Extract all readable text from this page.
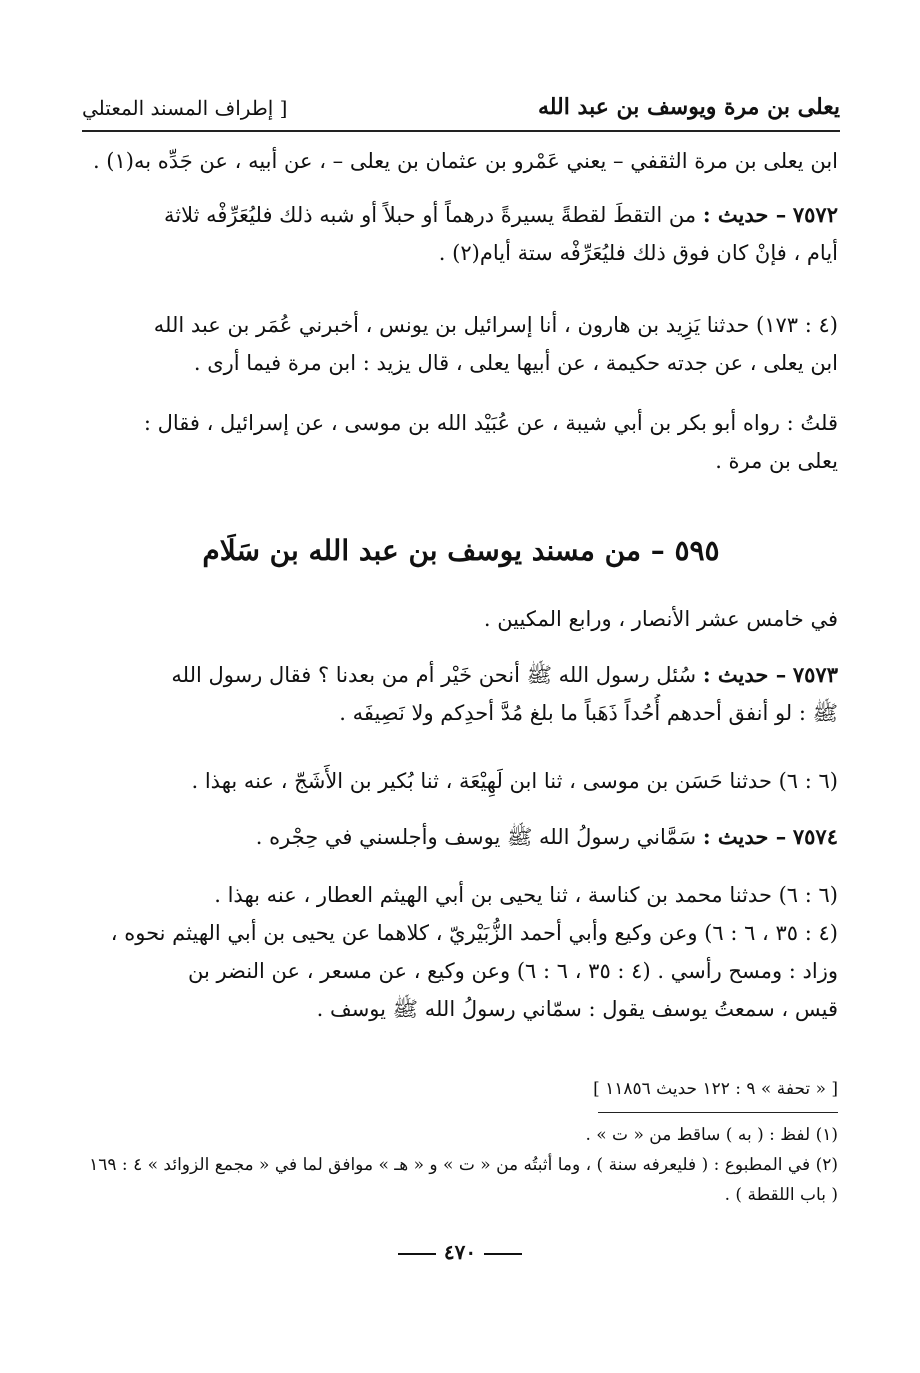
يعلى بن مرة ويوسف بن عبد الله
[ إطراف المسند المعتلي
ابن يعلى بن مرة الثقفي – يعني عَمْرو بن عثمان بن يعلى – ، عن أبيه ، عن جَدِّه به(١) .
٧٥٧٢ – حديث : من التقطَ لقطةً يسيرةً درهماً أو حبلاً أو شبه ذلك فليُعَرِّفْه ثلاثة
أيام ، فإنْ كان فوق ذلك فليُعَرِّفْه ستة أيام(٢) .
(٤ : ١٧٣) حدثنا يَزِيد بن هارون ، أنا إسرائيل بن يونس ، أخبرني عُمَر بن عبد الله
ابن يعلى ، عن جدته حكيمة ، عن أبيها يعلى ، قال يزيد : ابن مرة فيما أرى .
قلتُ : رواه أبو بكر بن أبي شيبة ، عن عُبَيْد الله بن موسى ، عن إسرائيل ، فقال :
يعلى بن مرة .
٥٩٥ – من مسند يوسف بن عبد الله بن سَلَام
في خامس عشر الأنصار ، ورابع المكيين .
٧٥٧٣ – حديث : سُئل رسول الله ﷺ أنحن خَيْر أم من بعدنا ؟ فقال رسول الله
ﷺ : لو أنفق أحدهم أُحُداً ذَهَباً ما بلغ مُدَّ أحدِكم ولا نَصِيفَه .
(٦ : ٦) حدثنا حَسَن بن موسى ، ثنا ابن لَهِيْعَة ، ثنا بُكير بن الأَشَجّ ، عنه بهذا .
٧٥٧٤ – حديث : سَمَّاني رسولُ الله ﷺ يوسف وأجلسني في حِجْره .
(٦ : ٦) حدثنا محمد بن كناسة ، ثنا يحيى بن أبي الهيثم العطار ، عنه بهذا .
(٤ : ٣٥ ، ٦ : ٦) وعن وكيع وأبي أحمد الزُّبَيْريّ ، كلاهما عن يحيى بن أبي الهيثم نحوه ،
وزاد : ومسح رأسي . (٤ : ٣٥ ، ٦ : ٦) وعن وكيع ، عن مسعر ، عن النضر بن
قيس ، سمعتُ يوسف يقول : سمّاني رسولُ الله ﷺ يوسف .
[ « تحفة » ٩ : ١٢٢ حديث ١١٨٥٦ ]
(١) لفظ : ( به ) ساقط من « ت » .
(٢) في المطبوع : ( فليعرفه سنة ) ، وما أثبتُه من « ت » و « هـ » موافق لما في « مجمع الزوائد » ٤ : ١٦٩
( باب اللقطة ) .
٤٧٠
